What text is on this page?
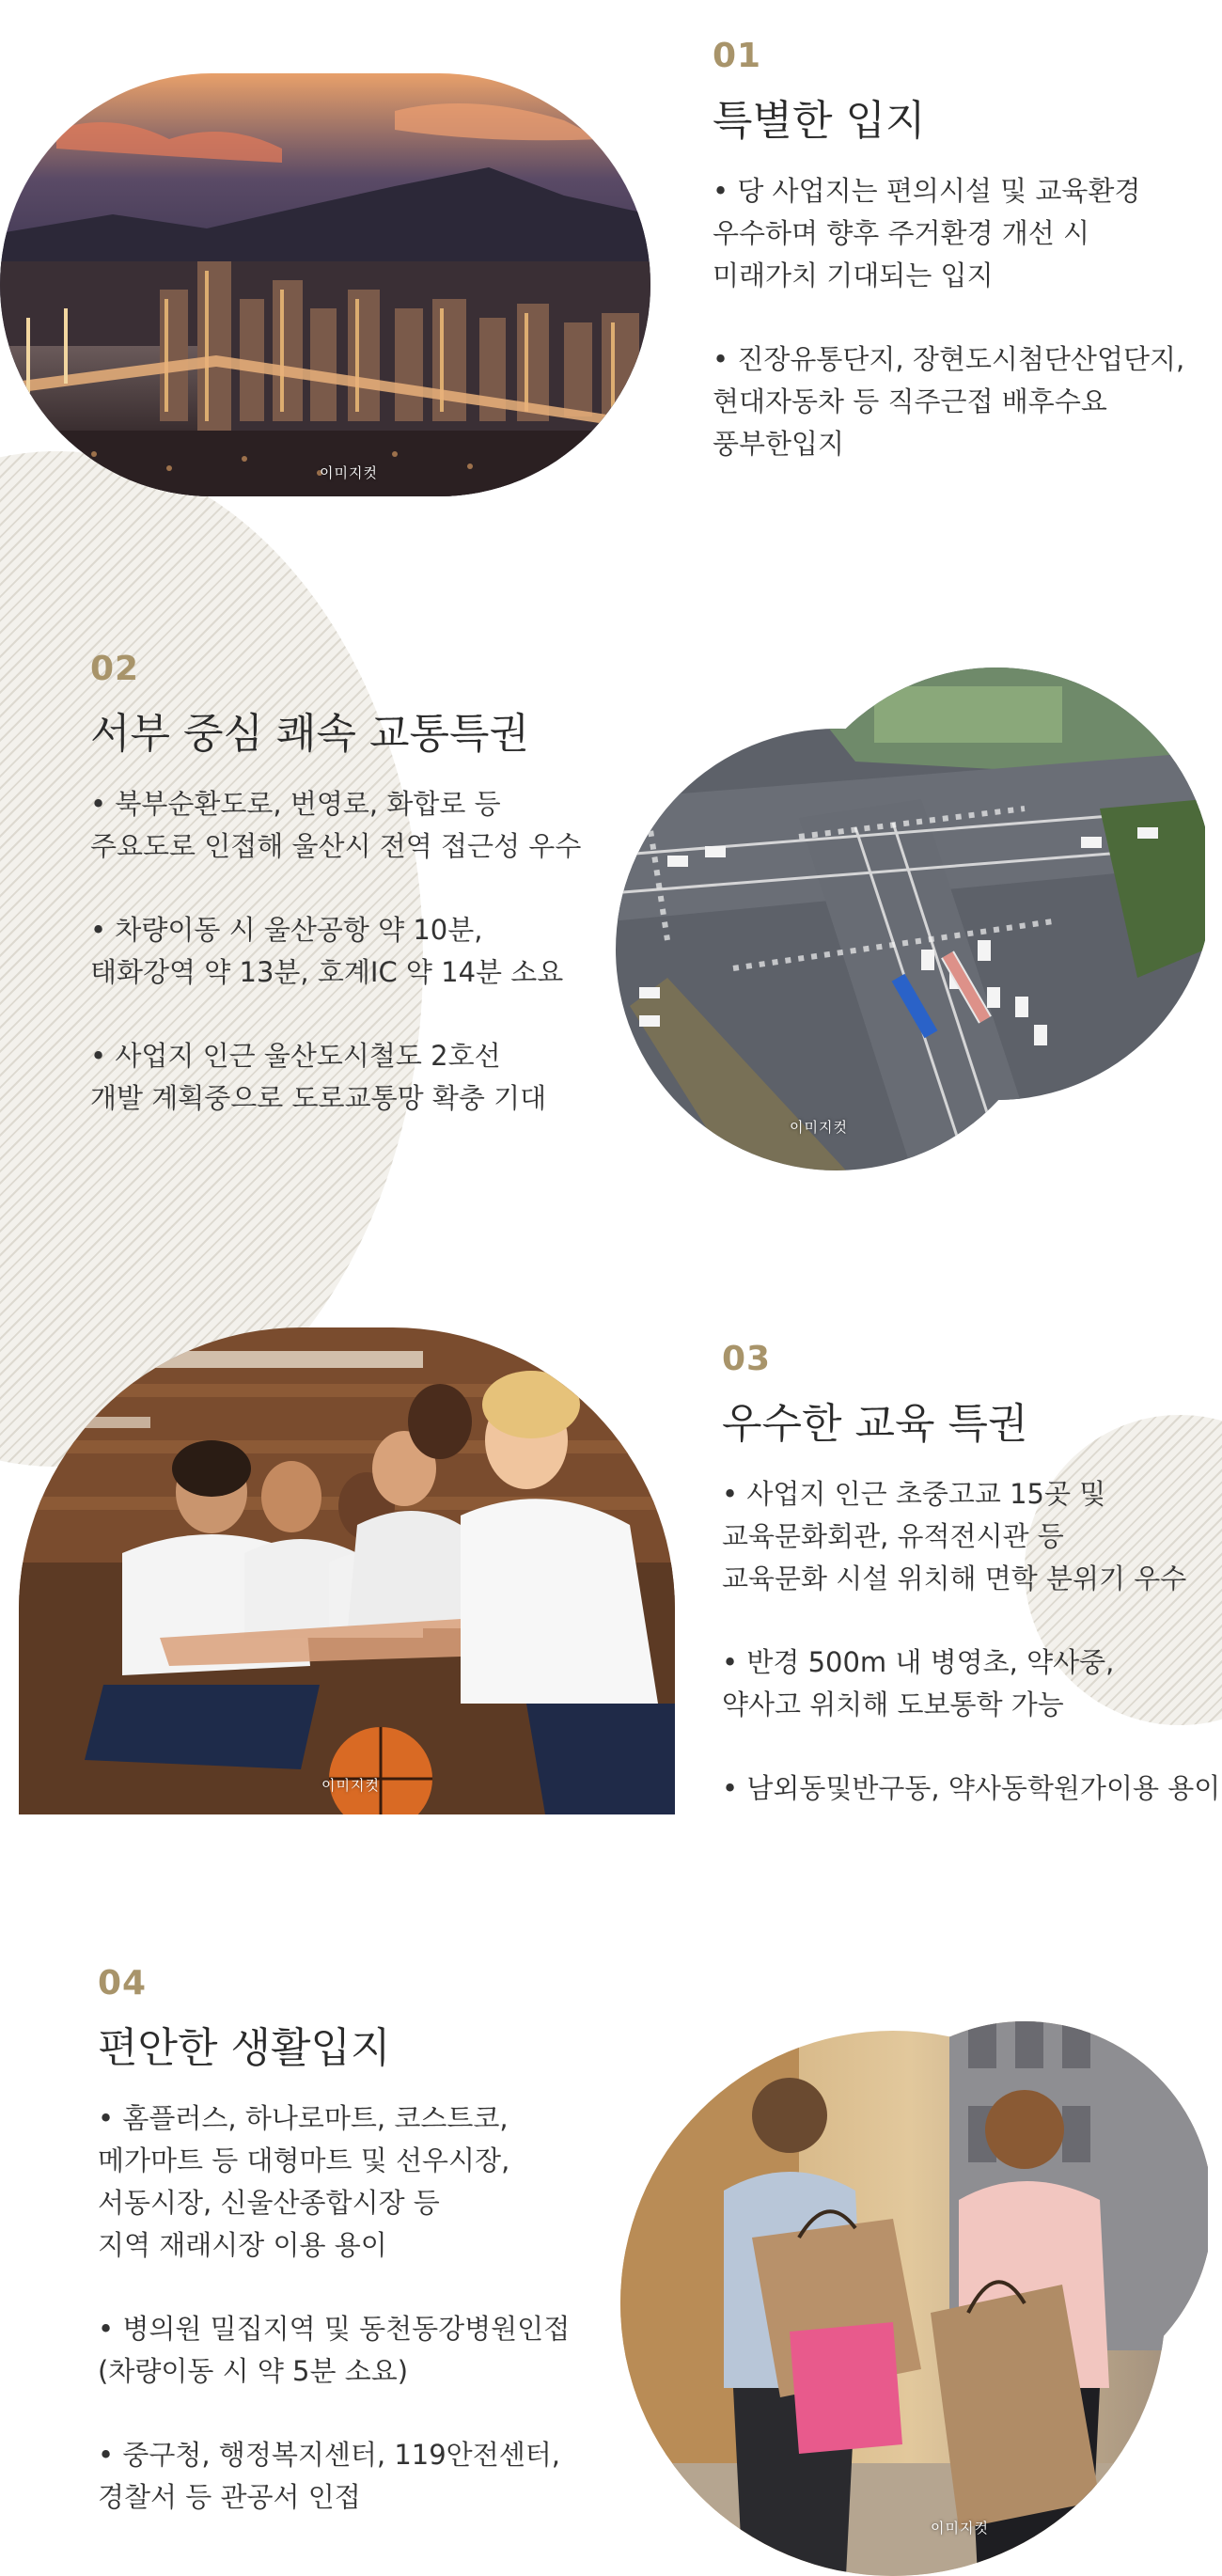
이미지컷
01
특별한 입지
• 당 사업지는 편의시설 및 교육환경
우수하며 향후 주거환경 개선 시
미래가치 기대되는 입지
• 진장유통단지, 장현도시첨단산업단지,
현대자동차 등 직주근접 배후수요
풍부한입지
02
서부 중심 쾌속 교통특권
• 북부순환도로, 번영로, 화합로 등
주요도로 인접해 울산시 전역 접근성 우수
• 차량이동 시 울산공항 약 10분,
태화강역 약 13분, 호계IC 약 14분 소요
• 사업지 인근 울산도시철도 2호선
개발 계획중으로 도로교통망 확충 기대
이미지컷
이미지컷
03
우수한 교육 특권
• 사업지 인근 초중고교 15곳 및
교육문화회관, 유적전시관 등
교육문화 시설 위치해 면학 분위기 우수
• 반경 500m 내 병영초, 약사중,
약사고 위치해 도보통학 가능
• 남외동및반구동, 약사동학원가이용 용이
04
편안한 생활입지
• 홈플러스, 하나로마트, 코스트코,
메가마트 등 대형마트 및 선우시장,
서동시장, 신울산종합시장 등
지역 재래시장 이용 용이
• 병의원 밀집지역 및 동천동강병원인접
(차량이동 시 약 5분 소요)
• 중구청, 행정복지센터, 119안전센터,
경찰서 등 관공서 인접
이미지컷
